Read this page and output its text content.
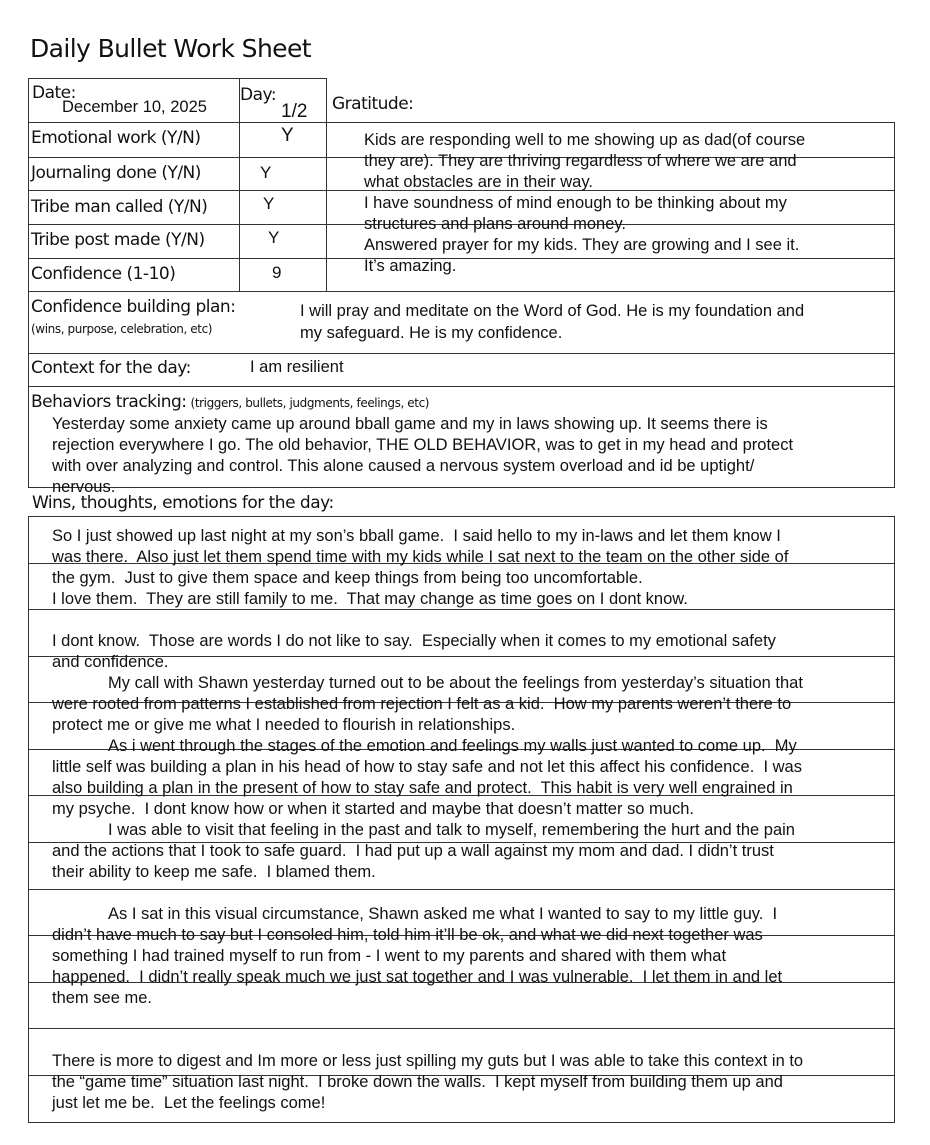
Daily Bullet Work Sheet
Date:
December 10, 2025
Day:
1/2 Gratitude:
Emotional work (Y/N)	Y
Journaling done (Y/N)	Y
Tribe man called (Y/N)	Y
Tribe post made (Y/N)	Y
Confidence (1-10)	9
Kids are responding well to me showing up as dad(of course
they are). They are thriving regardless of where we are and
what obstacles are in their way.
I have soundness of mind enough to be thinking about my
structures and plans around money.
Answered prayer for my kids. They are growing and I see it.
It’s amazing.
Confidence building plan:
(wins, purpose, celebration, etc)
I will pray and meditate on the Word of God. He is my foundation and
my safeguard. He is my confidence.
Context for the day:	I am resilient
Behaviors tracking: (triggers, bullets, judgments, feelings, etc)
Yesterday some anxiety came up around bball game and my in laws showing up. It seems there is
rejection everywhere I go. The old behavior, THE OLD BEHAVIOR, was to get in my head and protect
with over analyzing and control. This alone caused a nervous system overload and id be uptight/
nervous.
Wins, thoughts, emotions for the day:
So I just showed up last night at my son’s bball game.  I said hello to my in-laws and let them know I
was there.  Also just let them spend time with my kids while I sat next to the team on the other side of
the gym.  Just to give them space and keep things from being too uncomfortable.
I love them.  They are still family to me.  That may change as time goes on I dont know.
I dont know.  Those are words I do not like to say.  Especially when it comes to my emotional safety
and confidence.
My call with Shawn yesterday turned out to be about the feelings from yesterday’s situation that
were rooted from patterns I established from rejection I felt as a kid.  How my parents weren’t there to
protect me or give me what I needed to flourish in relationships.
As i went through the stages of the emotion and feelings my walls just wanted to come up.  My
little self was building a plan in his head of how to stay safe and not let this affect his confidence.  I was
also building a plan in the present of how to stay safe and protect.  This habit is very well engrained in
my psyche.  I dont know how or when it started and maybe that doesn’t matter so much.
I was able to visit that feeling in the past and talk to myself, remembering the hurt and the pain
and the actions that I took to safe guard.  I had put up a wall against my mom and dad. I didn’t trust
their ability to keep me safe.  I blamed them.
As I sat in this visual circumstance, Shawn asked me what I wanted to say to my little guy.  I
didn’t have much to say but I consoled him, told him it’ll be ok, and what we did next together was
something I had trained myself to run from - I went to my parents and shared with them what
happened.  I didn’t really speak much we just sat together and I was vulnerable.  I let them in and let
them see me.
There is more to digest and Im more or less just spilling my guts but I was able to take this context in to
the “game time” situation last night.  I broke down the walls.  I kept myself from building them up and
just let me be.  Let the feelings come!
